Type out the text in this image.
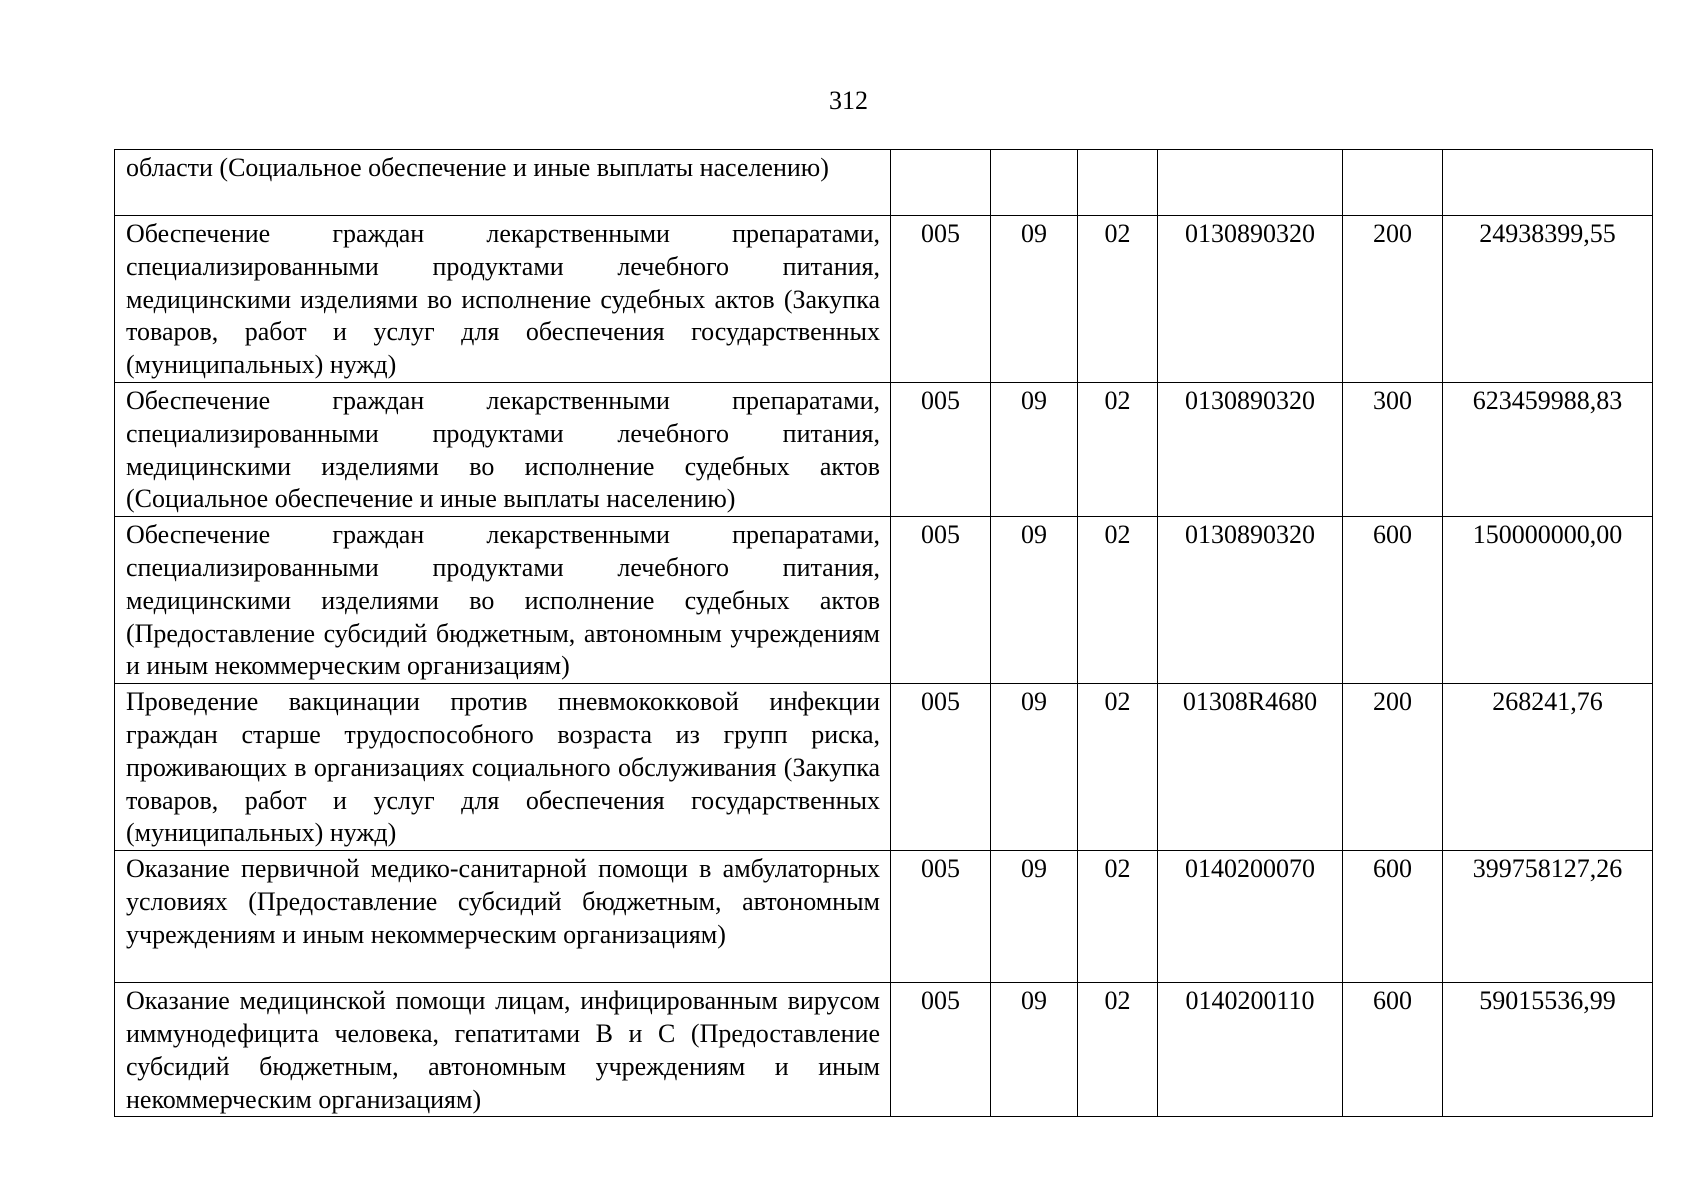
312
области (Социальное обеспечение и иные выплаты населению)						
Обеспечение граждан лекарственными препаратами, специализированными продуктами лечебного питания, медицинскими изделиями во исполнение судебных актов (Закупка товаров, работ и услуг для обеспечения государственных (муниципальных) нужд)	005	09	02	0130890320	200	24938399,55
Обеспечение граждан лекарственными препаратами, специализированными продуктами лечебного питания, медицинскими изделиями во исполнение судебных актов (Социальное обеспечение и иные выплаты населению)	005	09	02	0130890320	300	623459988,83
Обеспечение граждан лекарственными препаратами, специализированными продуктами лечебного питания, медицинскими изделиями во исполнение судебных актов (Предоставление субсидий бюджетным, автономным учреждениям и иным некоммерческим организациям)	005	09	02	0130890320	600	150000000,00
Проведение вакцинации против пневмококковой инфекции граждан старше трудоспособного возраста из групп риска, проживающих в организациях социального обслуживания (Закупка товаров, работ и услуг для обеспечения государственных (муниципальных) нужд)	005	09	02	01308R4680	200	268241,76
Оказание первичной медико-санитарной помощи в амбулаторных условиях (Предоставление субсидий бюджетным, автономным учреждениям и иным некоммерческим организациям)	005	09	02	0140200070	600	399758127,26
Оказание медицинской помощи лицам, инфицированным вирусом иммунодефицита человека, гепатитами B и C (Предоставление субсидий бюджетным, автономным учреждениям и иным некоммерческим организациям)	005	09	02	0140200110	600	59015536,99
